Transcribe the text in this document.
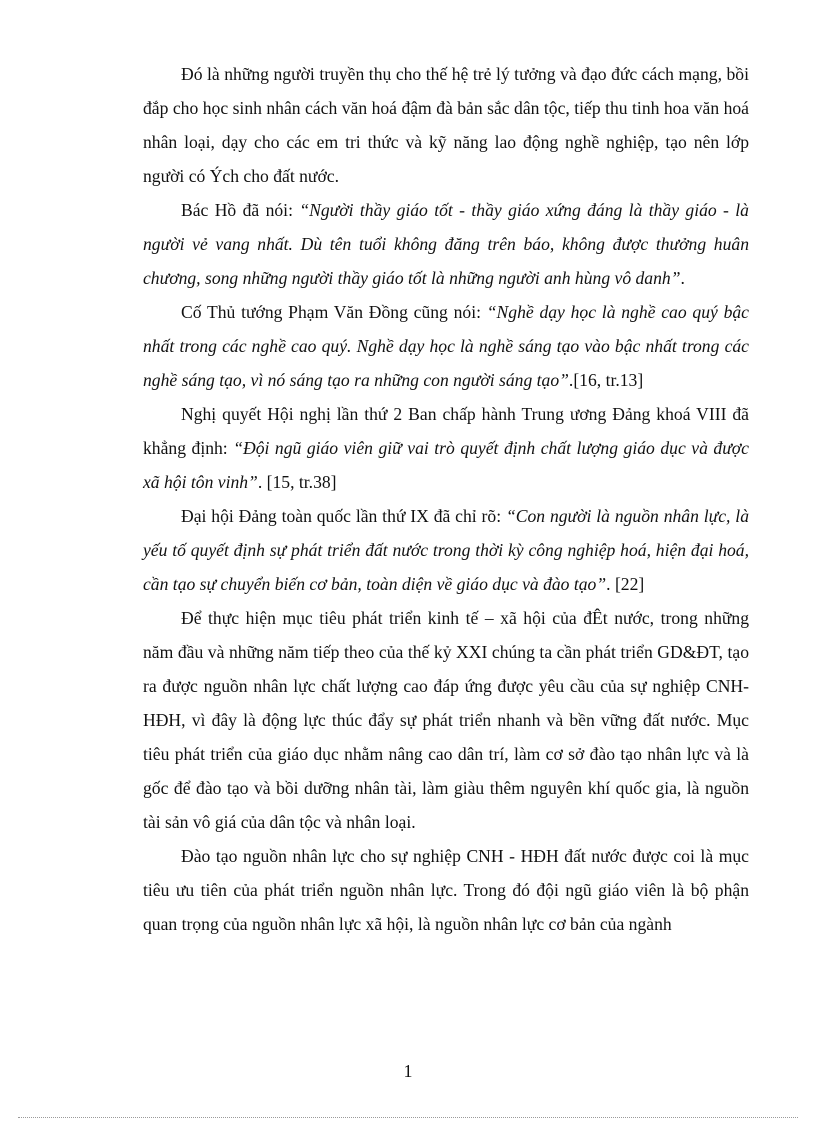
Đó là những người truyền thụ cho thế hệ trẻ lý tưởng và đạo đức cách mạng, bồi đắp cho học sinh nhân cách văn hoá đậm đà bản sắc dân tộc, tiếp thu tinh hoa văn hoá nhân loại, dạy cho các em tri thức và kỹ năng lao động nghề nghiệp, tạo nên lớp người có Ých cho đất nước.

Bác Hồ đã nói: “Người thầy giáo tốt - thầy giáo xứng đáng là thầy giáo - là người vẻ vang nhất. Dù tên tuổi không đăng trên báo, không được thưởng huân chương, song những người thầy giáo tốt là những người anh hùng vô danh”.

Cố Thủ tướng Phạm Văn Đồng cũng nói: “Nghề dạy học là nghề cao quý bậc nhất trong các nghề cao quý. Nghề dạy học là nghề sáng tạo vào bậc nhất trong các nghề sáng tạo, vì nó sáng tạo ra những con người sáng tạo”.[16, tr.13]

Nghị quyết Hội nghị lần thứ 2 Ban chấp hành Trung ương Đảng khoá VIII đã khẳng định: “Đội ngũ giáo viên giữ vai trò quyết định chất lượng giáo dục và được xã hội tôn vinh”. [15, tr.38]

Đại hội Đảng toàn quốc lần thứ IX đã chỉ rõ: “Con người là nguồn nhân lực, là yếu tố quyết định sự phát triển đất nước trong thời kỳ công nghiệp hoá, hiện đại hoá, cần tạo sự chuyển biến cơ bản, toàn diện về giáo dục và đào tạo”. [22]

Để thực hiện mục tiêu phát triển kinh tế – xã hội của đÊt nước, trong những năm đầu và những năm tiếp theo của thế kỷ XXI chúng ta cần phát triển GD&ĐT, tạo ra được nguồn nhân lực chất lượng cao đáp ứng được yêu cầu của sự nghiệp CNH-HĐH, vì đây là động lực thúc đẩy sự phát triển nhanh và bền vững đất nước. Mục tiêu phát triển của giáo dục nhằm nâng cao dân trí, làm cơ sở đào tạo nhân lực và là gốc để đào tạo và bồi dưỡng nhân tài, làm giàu thêm nguyên khí quốc gia, là nguồn tài sản vô giá của dân tộc và nhân loại.

Đào tạo nguồn nhân lực cho sự nghiệp CNH - HĐH đất nước được coi là mục tiêu ưu tiên của phát triển nguồn nhân lực. Trong đó đội ngũ giáo viên là bộ phận quan trọng của nguồn nhân lực xã hội, là nguồn nhân lực cơ bản của ngành

1
